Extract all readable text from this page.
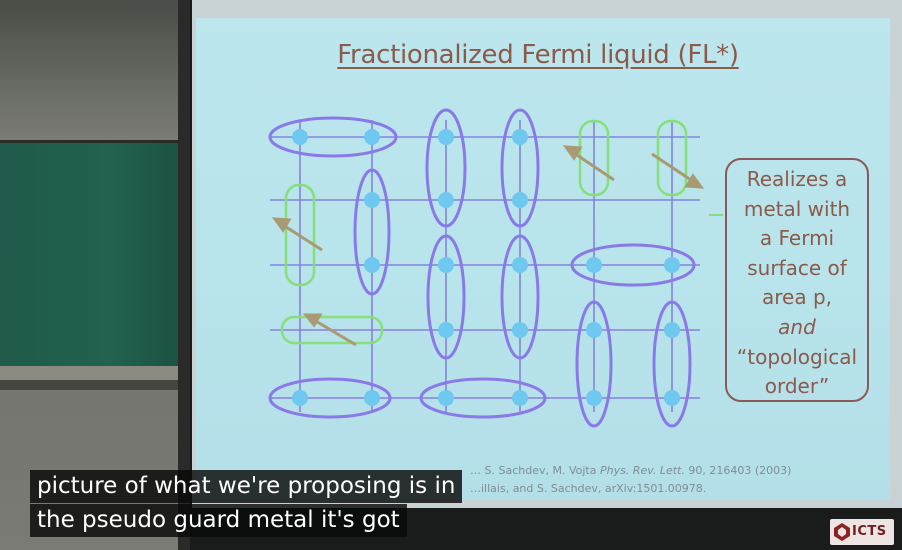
Fractionalized Fermi liquid (FL*)
Realizes a
metal with
a Fermi
surface of
area p,
and
“topological
order”
… S. Sachdev, M. Vojta Phys. Rev. Lett. 90, 216403 (2003)
…illais, and S. Sachdev, arXiv:1501.00978.
picture of what we're proposing is in
the pseudo guard metal it's got	ICTS
